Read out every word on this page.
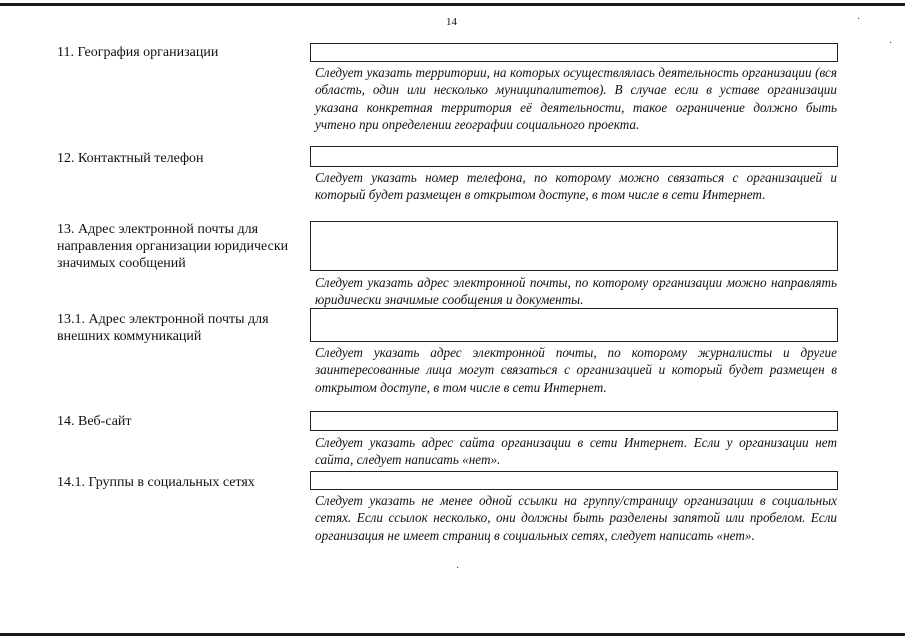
14	·
·
11. География организации
Следует указать территории, на которых осуществлялась деятельность организации (вся область, один или несколько муниципалитетов). В случае если в уставе организации указана конкретная территория её деятельности, такое ограничение должно быть учтено при определении географии социального проекта.
12. Контактный телефон
Следует указать номер телефона, по которому можно связаться с организацией и который будет размещен в открытом доступе, в том числе в сети Интернет.
13. Адрес электронной почты для направления организации юридически значимых сообщений
Следует указать адрес электронной почты, по которому организации можно направлять юридически значимые сообщения и документы.
13.1. Адрес электронной почты для внешних коммуникаций
Следует указать адрес электронной почты, по которому журналисты и другие заинтересованные лица могут связаться с организацией и который будет размещен в открытом доступе, в том числе в сети Интернет.
14. Веб-сайт
Следует указать адрес сайта организации в сети Интернет. Если у организации нет сайта, следует написать «нет».
14.1. Группы в социальных сетях
Следует указать не менее одной ссылки на группу/страницу организации в социальных сетях. Если ссылок несколько, они должны быть разделены запятой или пробелом. Если организация не имеет страниц в социальных сетях, следует написать «нет».
·
